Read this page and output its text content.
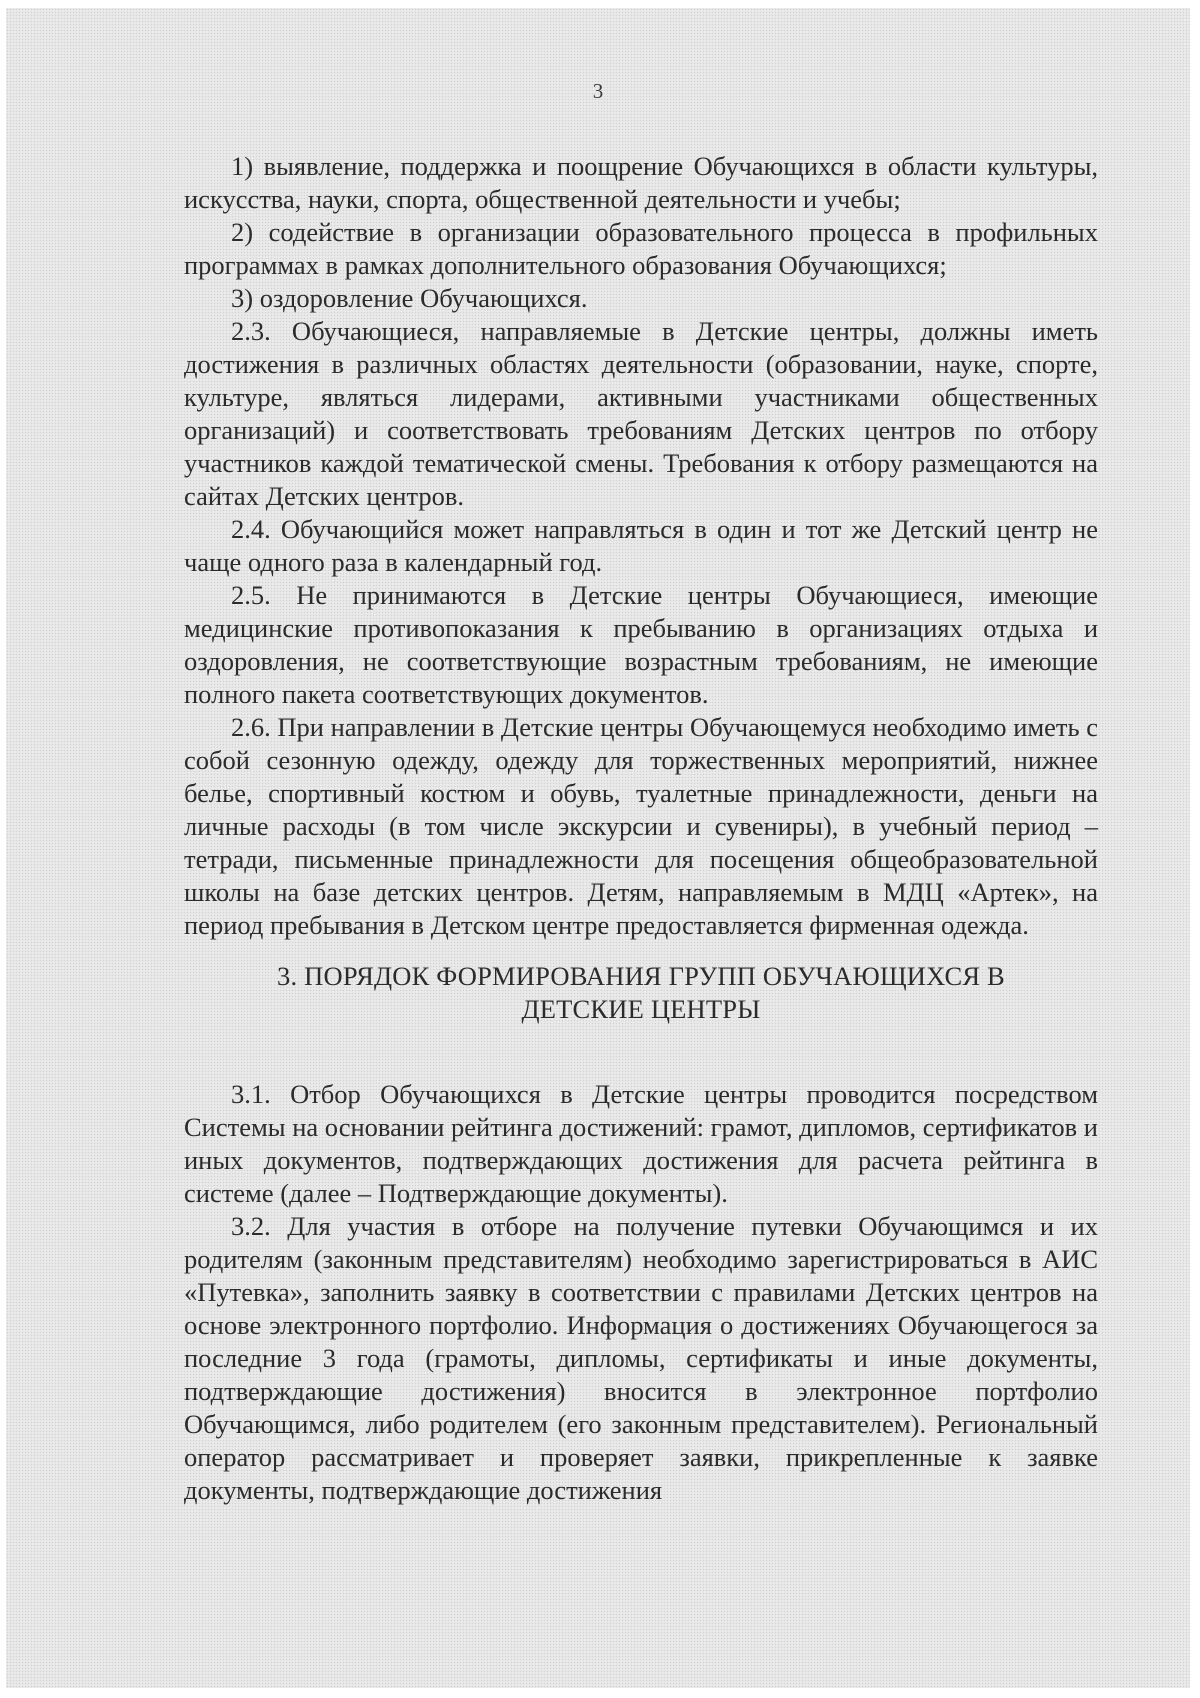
3

1) выявление, поддержка и поощрение Обучающихся в области культуры, искусства, науки, спорта, общественной деятельности и учебы;

2) содействие в организации образовательного процесса в профильных программах в рамках дополнительного образования Обучающихся;

3) оздоровление Обучающихся.

2.3. Обучающиеся, направляемые в Детские центры, должны иметь достижения в различных областях деятельности (образовании, науке, спорте, культуре, являться лидерами, активными участниками общественных организаций) и соответствовать требованиям Детских центров по отбору участников каждой тематической смены. Требования к отбору размещаются на сайтах Детских центров.

2.4. Обучающийся может направляться в один и тот же Детский центр не чаще одного раза в календарный год.

2.5. Не принимаются в Детские центры Обучающиеся, имеющие медицинские противопоказания к пребыванию в организациях отдыха и оздоровления, не соответствующие возрастным требованиям, не имеющие полного пакета соответствующих документов.

2.6. При направлении в Детские центры Обучающемуся необходимо иметь с собой сезонную одежду, одежду для торжественных мероприятий, нижнее белье, спортивный костюм и обувь, туалетные принадлежности, деньги на личные расходы (в том числе экскурсии и сувениры), в учебный период – тетради, письменные принадлежности для посещения общеобразовательной школы на базе детских центров. Детям, направляемым в МДЦ «Артек», на период пребывания в Детском центре предоставляется фирменная одежда.

3. ПОРЯДОК ФОРМИРОВАНИЯ ГРУПП ОБУЧАЮЩИХСЯ В
ДЕТСКИЕ ЦЕНТРЫ

3.1. Отбор Обучающихся в Детские центры проводится посредством Системы на основании рейтинга достижений: грамот, дипломов, сертификатов и иных документов, подтверждающих достижения для расчета рейтинга в системе (далее – Подтверждающие документы).

3.2. Для участия в отборе на получение путевки Обучающимся и их родителям (законным представителям) необходимо зарегистрироваться в АИС «Путевка», заполнить заявку в соответствии с правилами Детских центров на основе электронного портфолио. Информация о достижениях Обучающегося за последние 3 года (грамоты, дипломы, сертификаты и иные документы, подтверждающие достижения) вносится в электронное портфолио Обучающимся, либо родителем (его законным представителем). Региональный оператор рассматривает и проверяет заявки, прикрепленные к заявке документы, подтверждающие достижения
